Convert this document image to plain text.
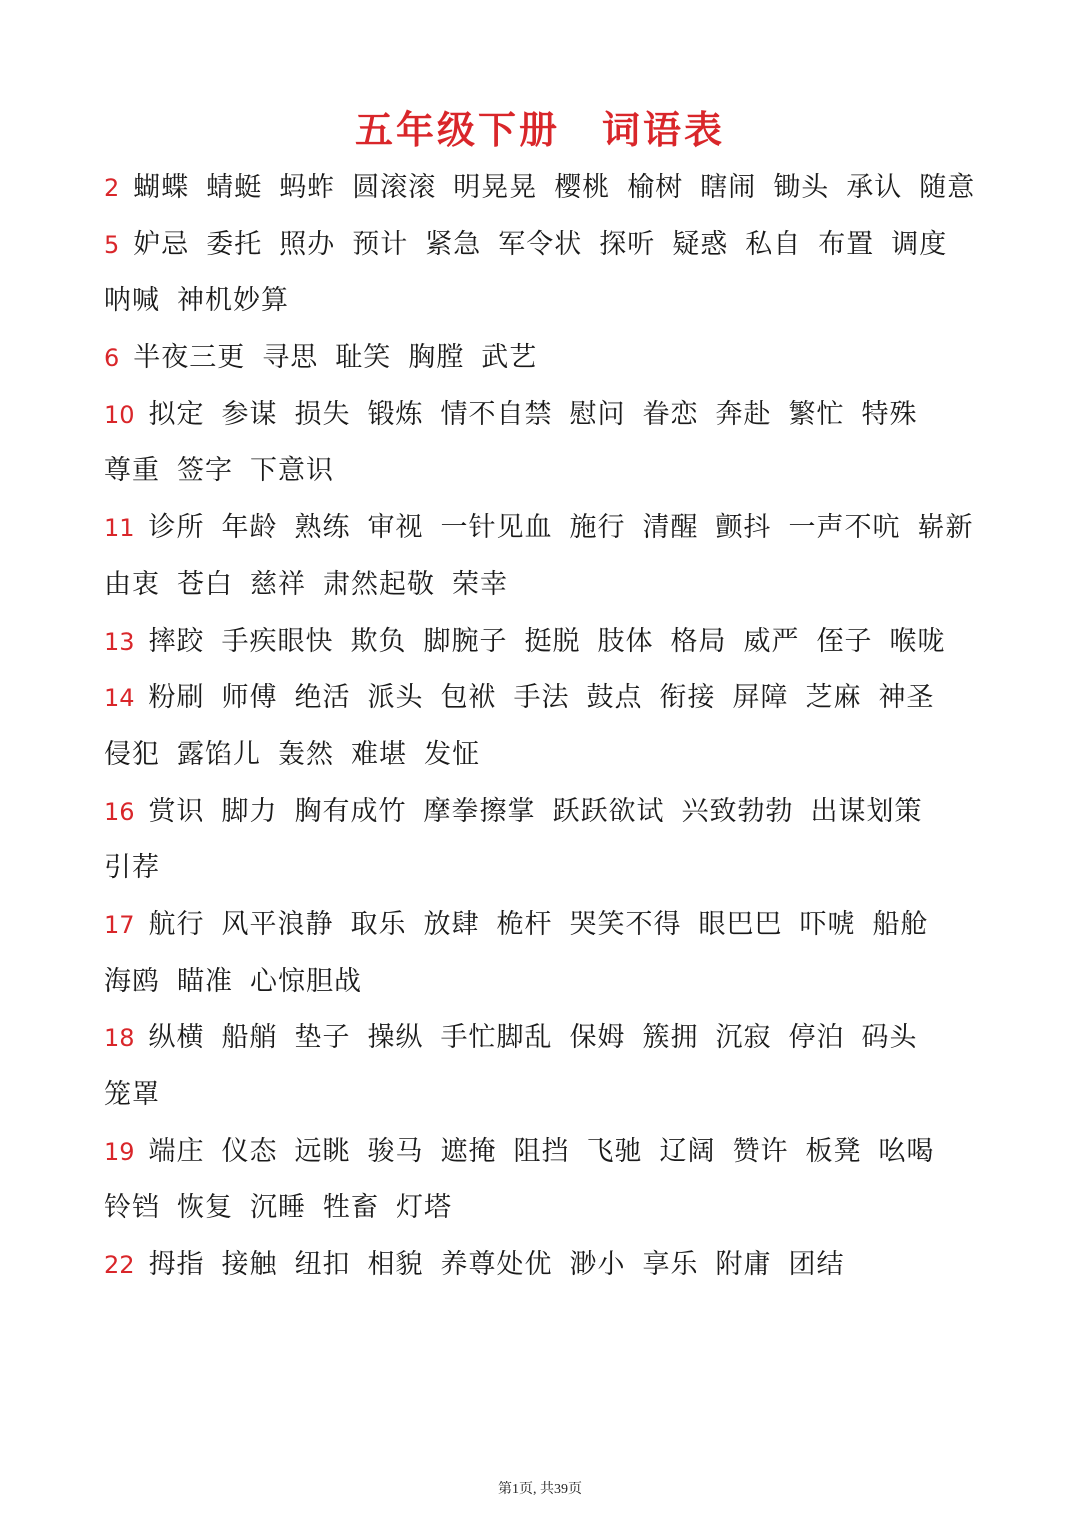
五年级下册 词语表
2 蝴蝶 蜻蜓 蚂蚱 圆滚滚 明晃晃 樱桃 榆树 瞎闹 锄头 承认 随意
5 妒忌 委托 照办 预计 紧急 军令状 探听 疑惑 私自 布置 调度
呐喊 神机妙算
6 半夜三更 寻思 耻笑 胸膛 武艺
10 拟定 参谋 损失 锻炼 情不自禁 慰问 眷恋 奔赴 繁忙 特殊
尊重 签字 下意识
11 诊所 年龄 熟练 审视 一针见血 施行 清醒 颤抖 一声不吭 崭新
由衷 苍白 慈祥 肃然起敬 荣幸
13 摔跤 手疾眼快 欺负 脚腕子 挺脱 肢体 格局 威严 侄子 喉咙
14 粉刷 师傅 绝活 派头 包袱 手法 鼓点 衔接 屏障 芝麻 神圣
侵犯 露馅儿 轰然 难堪 发怔
16 赏识 脚力 胸有成竹 摩拳擦掌 跃跃欲试 兴致勃勃 出谋划策
引荐
17 航行 风平浪静 取乐 放肆 桅杆 哭笑不得 眼巴巴 吓唬 船舱
海鸥 瞄准 心惊胆战
18 纵横 船艄 垫子 操纵 手忙脚乱 保姆 簇拥 沉寂 停泊 码头
笼罩
19 端庄 仪态 远眺 骏马 遮掩 阻挡 飞驰 辽阔 赞许 板凳 吆喝
铃铛 恢复 沉睡 牲畜 灯塔
22 拇指 接触 纽扣 相貌 养尊处优 渺小 享乐 附庸 团结
第1页, 共39页
